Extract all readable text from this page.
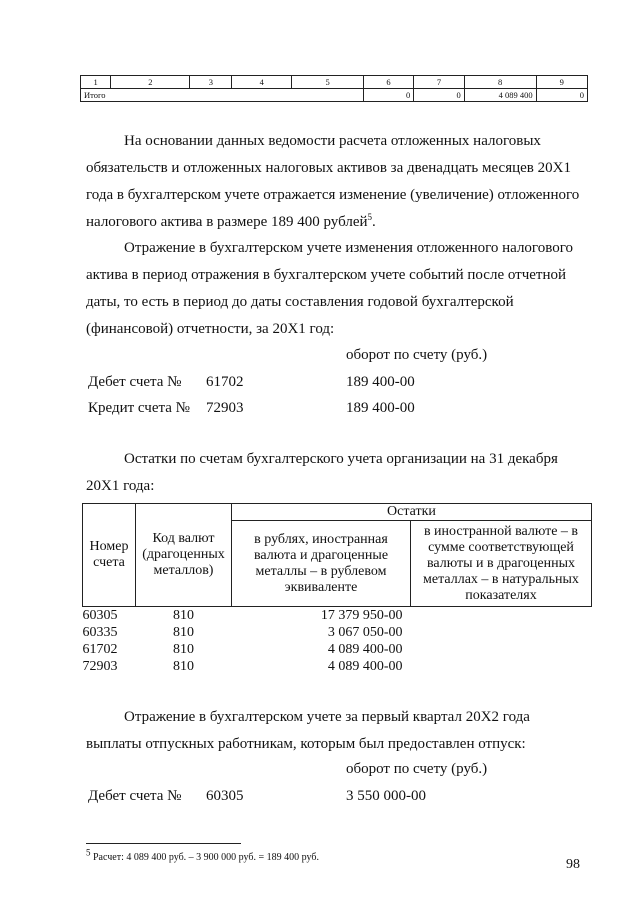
1	2	3	4	5	6	7	8	9
Итого					0	0	4 089 400	0
На основании данных ведомости расчета отложенных налоговых
обязательств и отложенных налоговых активов за двенадцать месяцев 20Х1
года в бухгалтерском учете отражается изменение (увеличение) отложенного
налогового актива в размере 189 400 рублей$^5$.
Отражение в бухгалтерском учете изменения отложенного налогового
актива в период отражения в бухгалтерском учете событий после отчетной
даты, то есть в период до даты составления годовой бухгалтерской
(финансовой) отчетности, за 20Х1 год:
оборот по счету (руб.)
Дебет счета № 61702	189 400-00
Кредит счета № 72903	189 400-00
Остатки по счетам бухгалтерского учета организации на 31 декабря
20Х1 года:
Номер счета	Код валют (драгоценных металлов)	Остатки	
		в рублях, иностранная валюта и драгоценные металлы – в рублевом эквиваленте	в иностранной валюте – в сумме соответствующей валюты и в драгоценных металлах – в натуральных показателях
60305	810	17 379 950-00	
60335	810	3 067 050-00	
61702	810	4 089 400-00	
72903	810	4 089 400-00	
Отражение в бухгалтерском учете за первый квартал 20Х2 года
выплаты отпускных работникам, которым был предоставлен отпуск:
оборот по счету (руб.)
Дебет счета № 60305	3 550 000-00
$^5$ Расчет: 4 089 400 руб. – 3 900 000 руб. = 189 400 руб.	98
